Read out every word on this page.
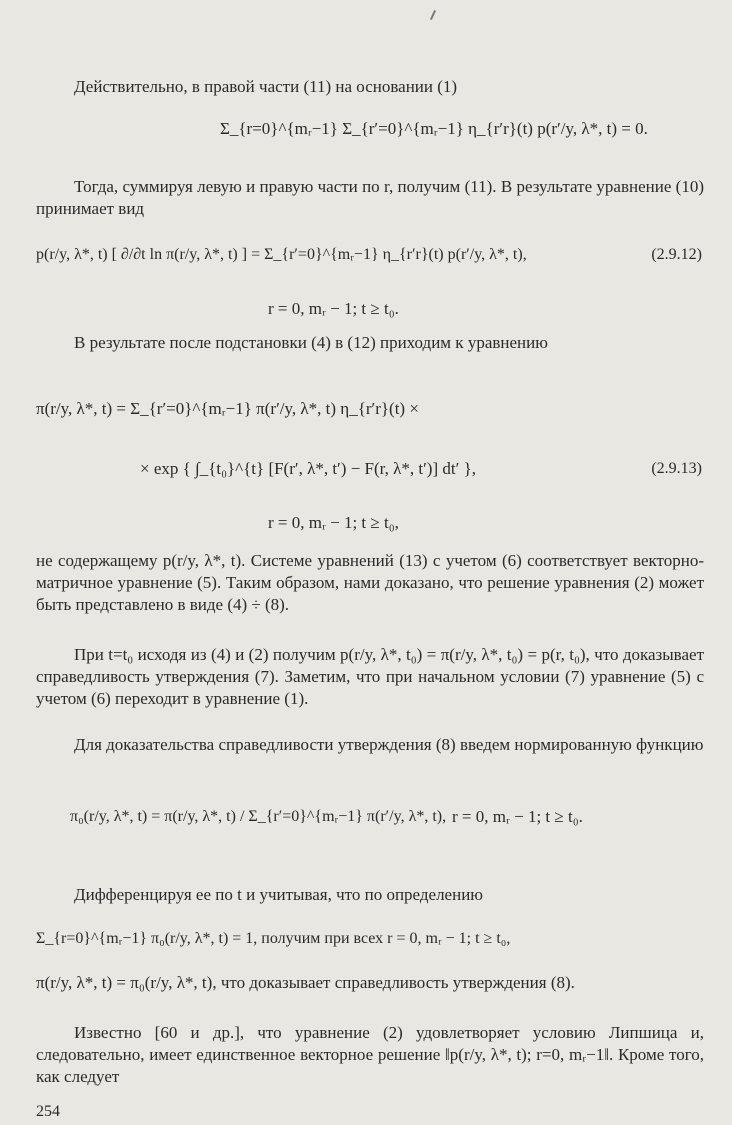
Действительно, в правой части (11) на основании (1)
Σ_{r=0}^{mᵣ−1} Σ_{r′=0}^{mᵣ−1} η_{r′r}(t) p(r′/y, λ*, t) = 0.
Тогда, суммируя левую и правую части по r, получим (11). В результате уравнение (10) принимает вид
p(r/y, λ*, t) [ ∂/∂t ln π(r/y, λ*, t) ] = Σ_{r′=0}^{mᵣ−1} η_{r′r}(t) p(r′/y, λ*, t),	(2.9.12)
r = 0, mᵣ − 1; t ≥ t₀.
В результате после подстановки (4) в (12) приходим к уравнению
π(r/y, λ*, t) = Σ_{r′=0}^{mᵣ−1} π(r′/y, λ*, t) η_{r′r}(t) ×
× exp { ∫_{t₀}^{t} [F(r′, λ*, t′) − F(r, λ*, t′)] dt′ },	(2.9.13)
r = 0, mᵣ − 1; t ≥ t₀,
не содержащему p(r/y, λ*, t). Системе уравнений (13) с учетом (6) соответствует векторно-матричное уравнение (5). Таким образом, нами доказано, что решение уравнения (2) может быть представлено в виде (4) ÷ (8).
При t=t₀ исходя из (4) и (2) получим p(r/y, λ*, t₀) = π(r/y, λ*, t₀) = p(r, t₀), что доказывает справедливость утверждения (7). Заметим, что при начальном условии (7) уравнение (5) с учетом (6) переходит в уравнение (1).
Для доказательства справедливости утверждения (8) введем нормированную функцию
π₀(r/y, λ*, t) = π(r/y, λ*, t) / Σ_{r′=0}^{mᵣ−1} π(r′/y, λ*, t), r = 0, mᵣ − 1; t ≥ t₀.
Дифференцируя ее по t и учитывая, что по определению
Σ_{r=0}^{mᵣ−1} π₀(r/y, λ*, t) = 1, получим при всех r = 0, mᵣ − 1; t ≥ t₀,
π(r/y, λ*, t) = π₀(r/y, λ*, t), что доказывает справедливость утверждения (8).
Известно [60 и др.], что уравнение (2) удовлетворяет условию Липшица и, следовательно, имеет единственное векторное решение ‖p(r/y, λ*, t); r=0, mᵣ−1‖. Кроме того, как следует
254
